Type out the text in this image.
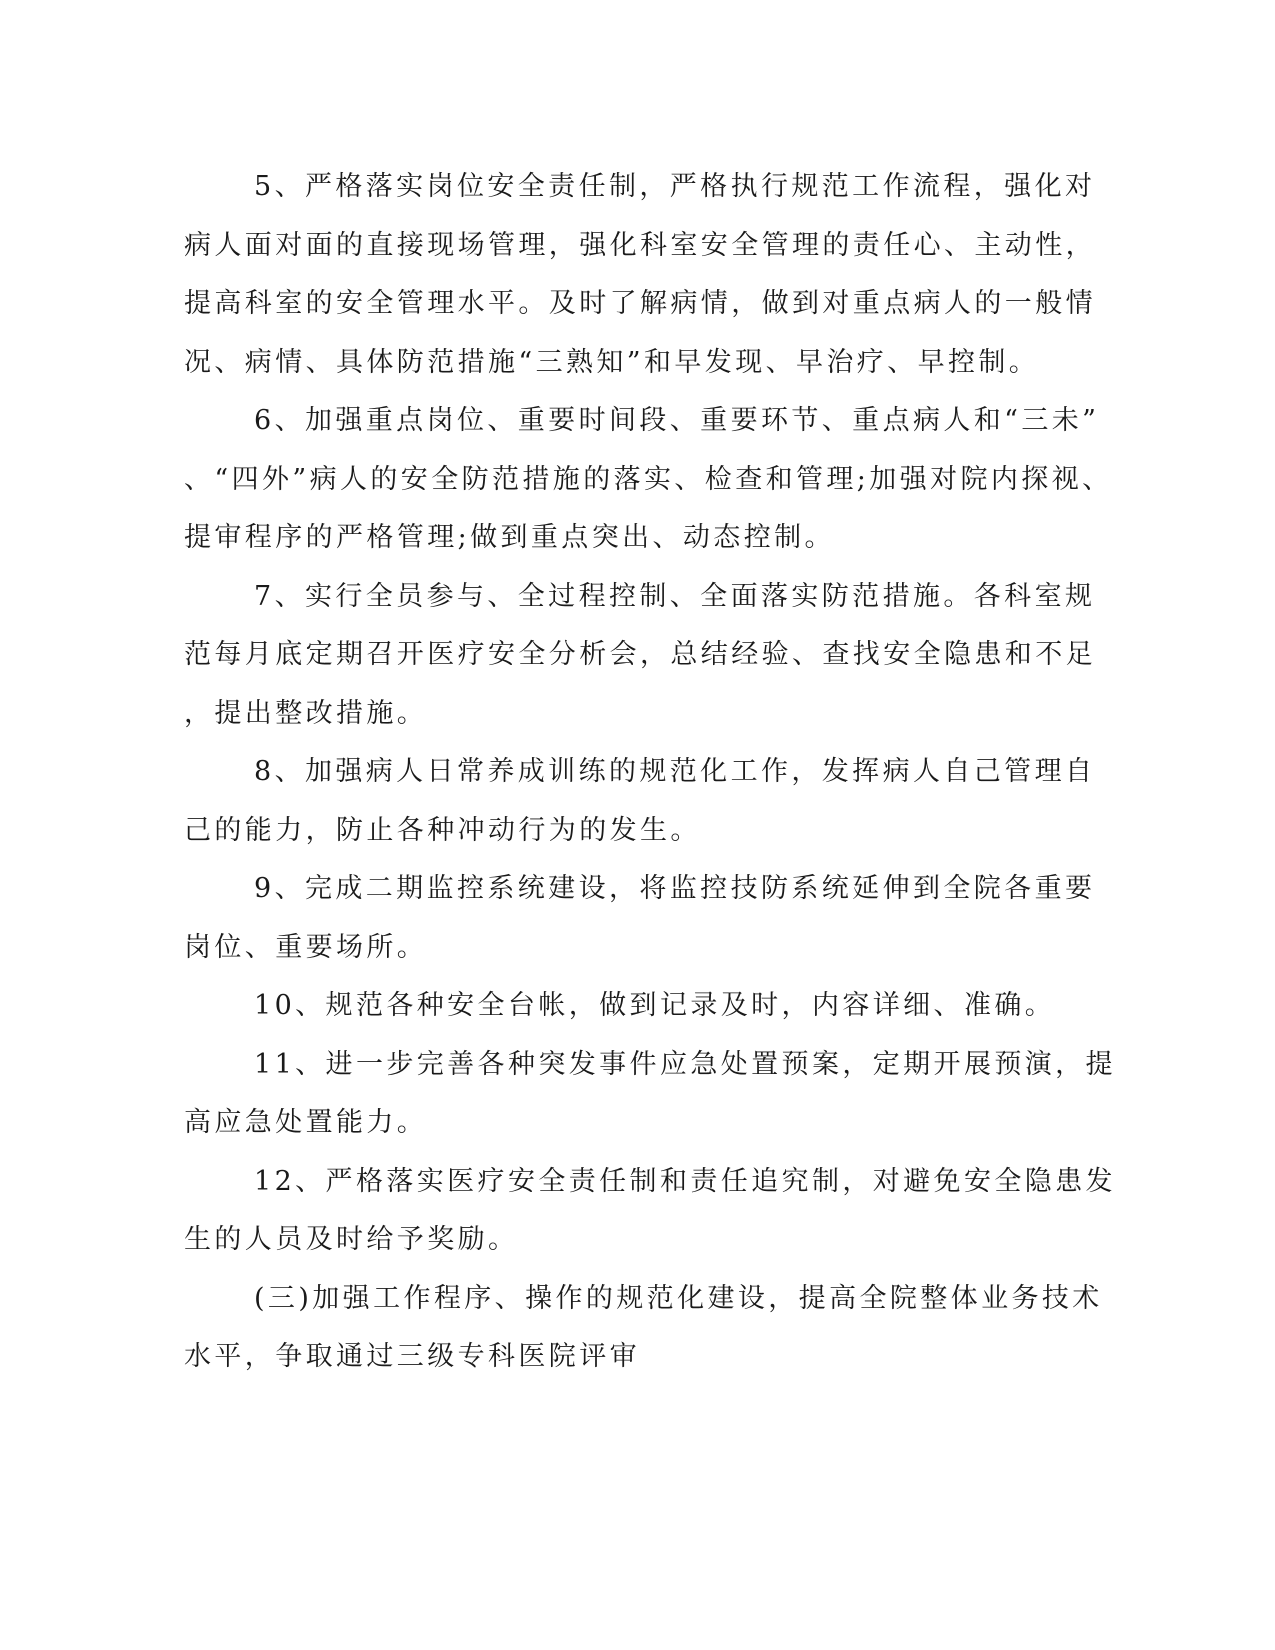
5、严格落实岗位安全责任制，严格执行规范工作流程，强化对
病人面对面的直接现场管理，强化科室安全管理的责任心、主动性，
提高科室的安全管理水平。及时了解病情，做到对重点病人的一般情
况、病情、具体防范措施“三熟知”和早发现、早治疗、早控制。
6、加强重点岗位、重要时间段、重要环节、重点病人和“三未”
、“四外”病人的安全防范措施的落实、检查和管理;加强对院内探视、
提审程序的严格管理;做到重点突出、动态控制。
7、实行全员参与、全过程控制、全面落实防范措施。各科室规
范每月底定期召开医疗安全分析会，总结经验、查找安全隐患和不足
，提出整改措施。
8、加强病人日常养成训练的规范化工作，发挥病人自己管理自
己的能力，防止各种冲动行为的发生。
9、完成二期监控系统建设，将监控技防系统延伸到全院各重要
岗位、重要场所。
10、规范各种安全台帐，做到记录及时，内容详细、准确。
11、进一步完善各种突发事件应急处置预案，定期开展预演，提
高应急处置能力。
12、严格落实医疗安全责任制和责任追究制，对避免安全隐患发
生的人员及时给予奖励。
(三)加强工作程序、操作的规范化建设，提高全院整体业务技术
水平，争取通过三级专科医院评审
